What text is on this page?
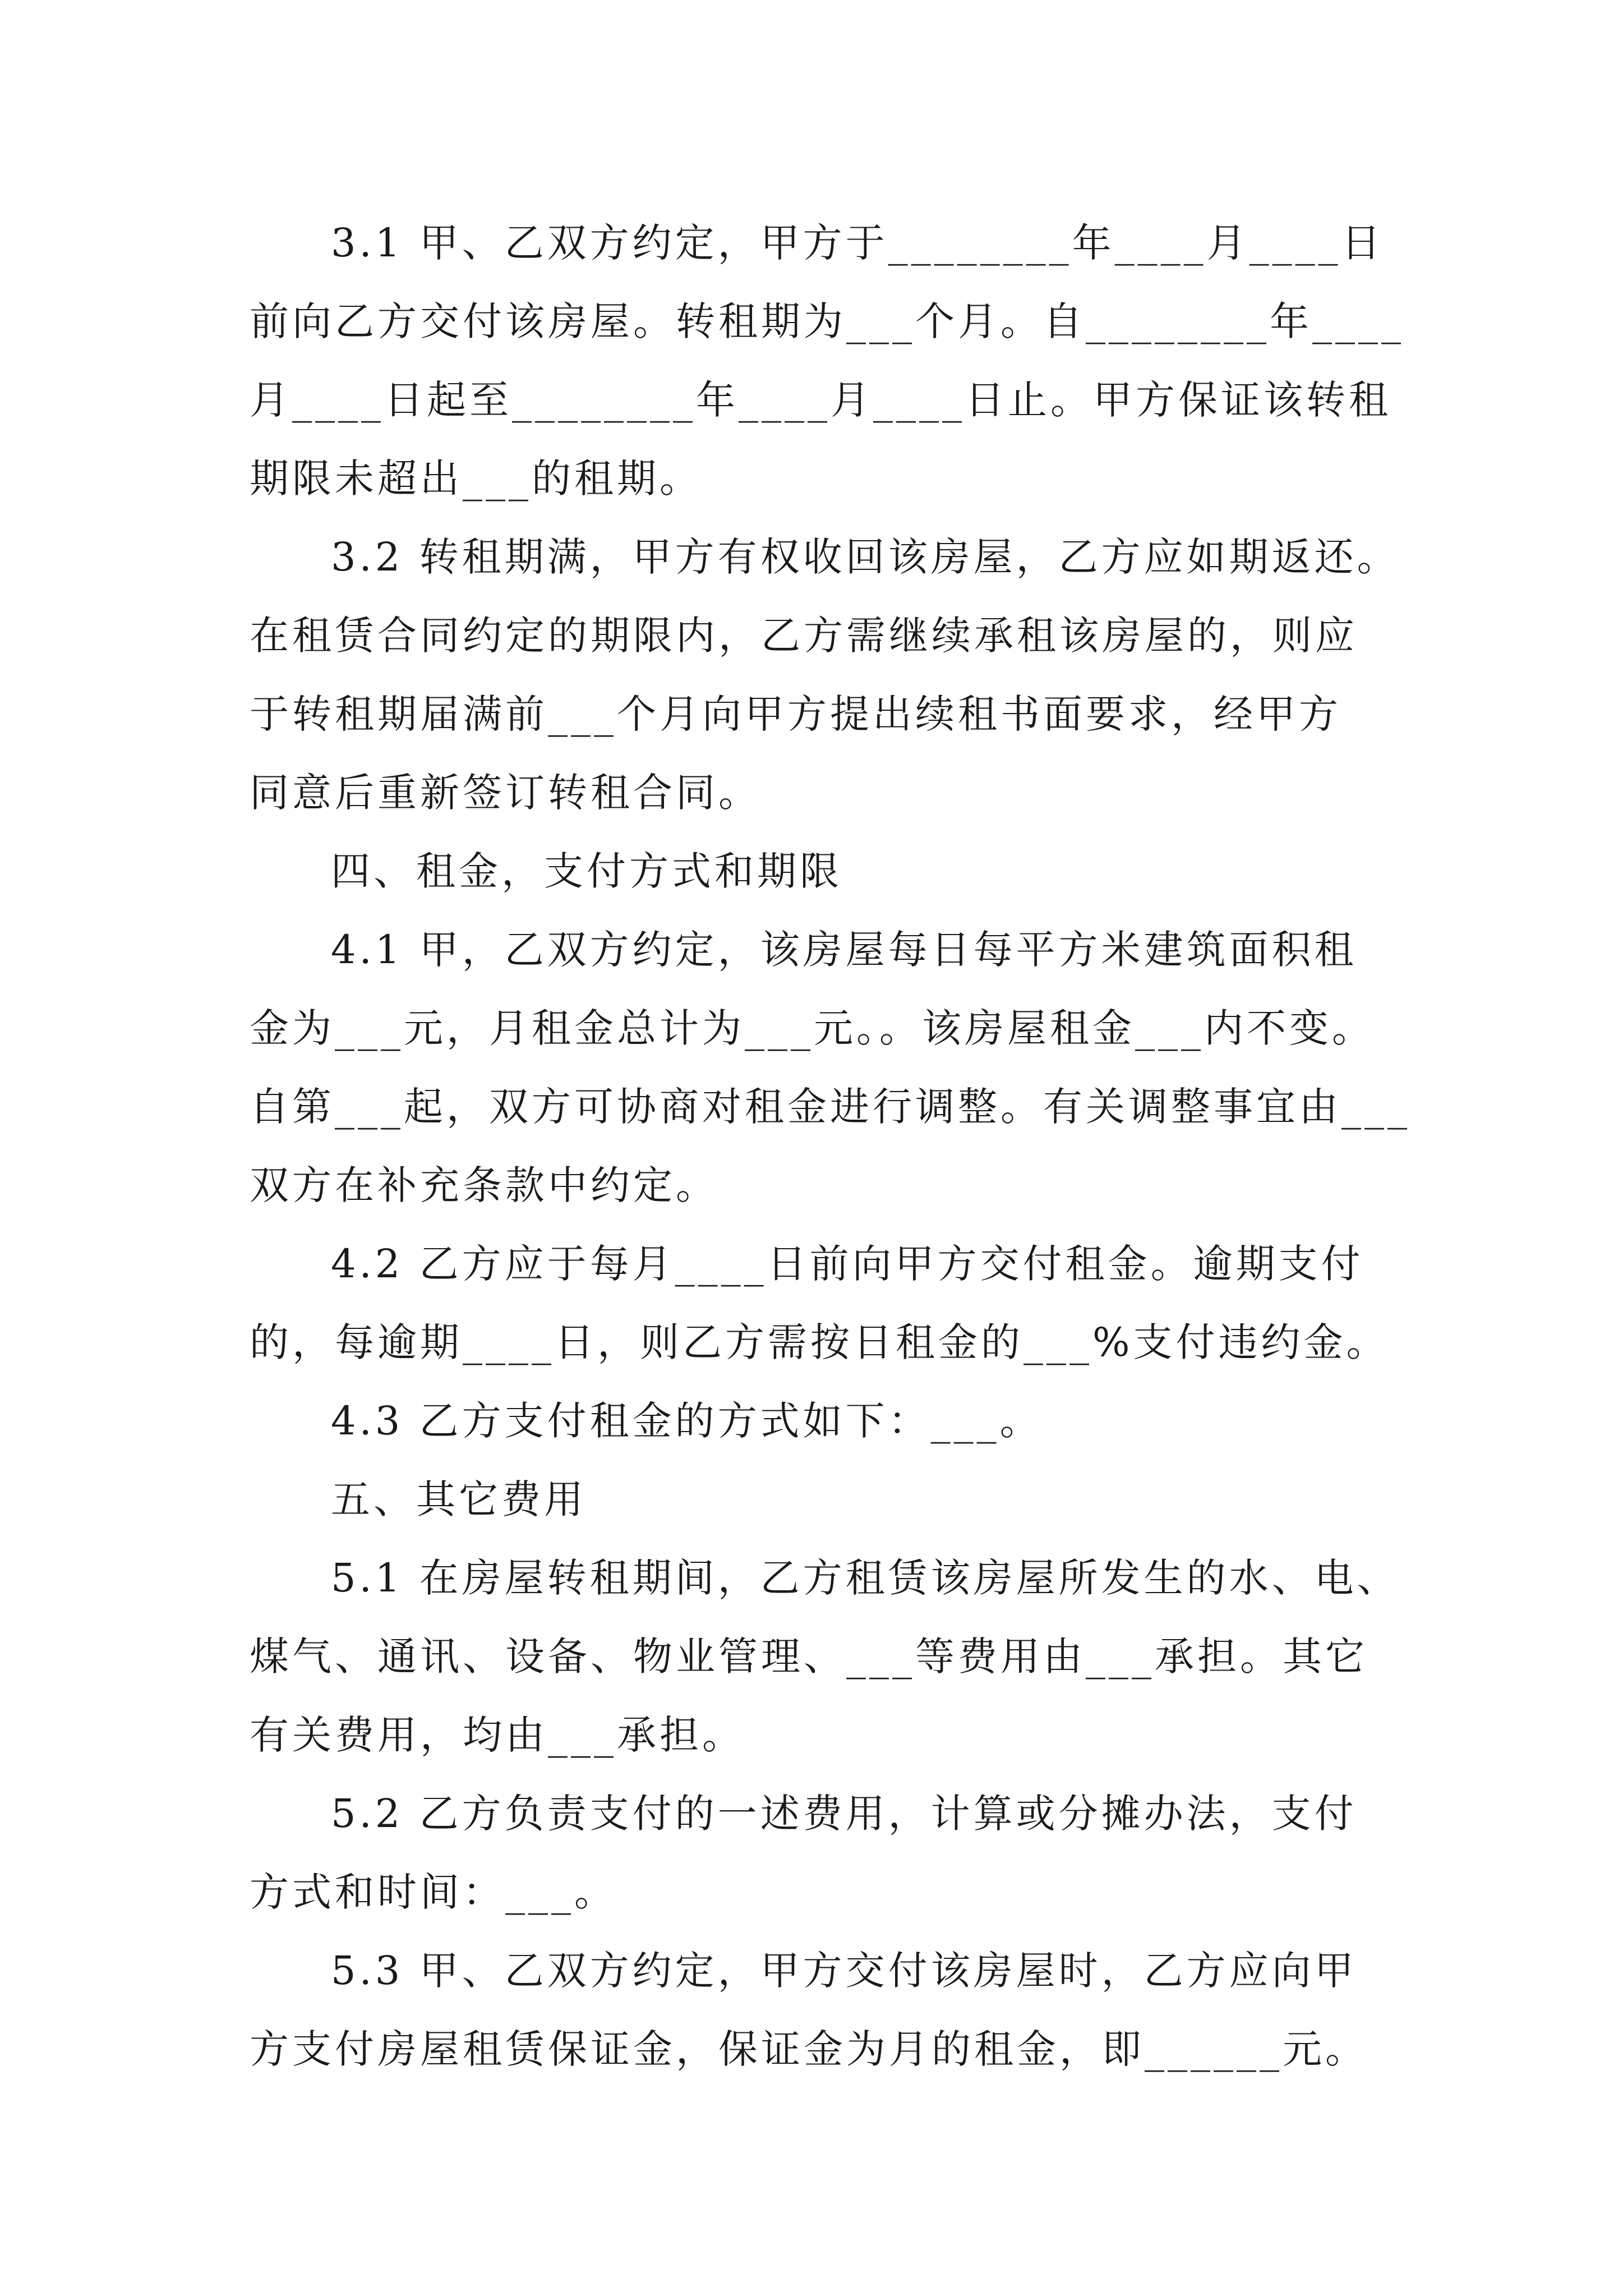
3.1 甲、乙双方约定，甲方于________年____月____日
前向乙方交付该房屋。转租期为___个月。自________年____
月____日起至________年____月____日止。甲方保证该转租
期限未超出___的租期。
3.2 转租期满，甲方有权收回该房屋，乙方应如期返还。
在租赁合同约定的期限内，乙方需继续承租该房屋的，则应
于转租期届满前___个月向甲方提出续租书面要求，经甲方
同意后重新签订转租合同。
四、租金，支付方式和期限
4.1 甲，乙双方约定，该房屋每日每平方米建筑面积租
金为___元，月租金总计为___元。。该房屋租金___内不变。
自第___起，双方可协商对租金进行调整。有关调整事宜由___
双方在补充条款中约定。
4.2 乙方应于每月____日前向甲方交付租金。逾期支付
的，每逾期____日，则乙方需按日租金的___%支付违约金。
4.3 乙方支付租金的方式如下：___。
五、其它费用
5.1 在房屋转租期间，乙方租赁该房屋所发生的水、电、
煤气、通讯、设备、物业管理、___等费用由___承担。其它
有关费用，均由___承担。
5.2 乙方负责支付的一述费用，计算或分摊办法，支付
方式和时间：___。
5.3 甲、乙双方约定，甲方交付该房屋时，乙方应向甲
方支付房屋租赁保证金，保证金为月的租金，即______元。
